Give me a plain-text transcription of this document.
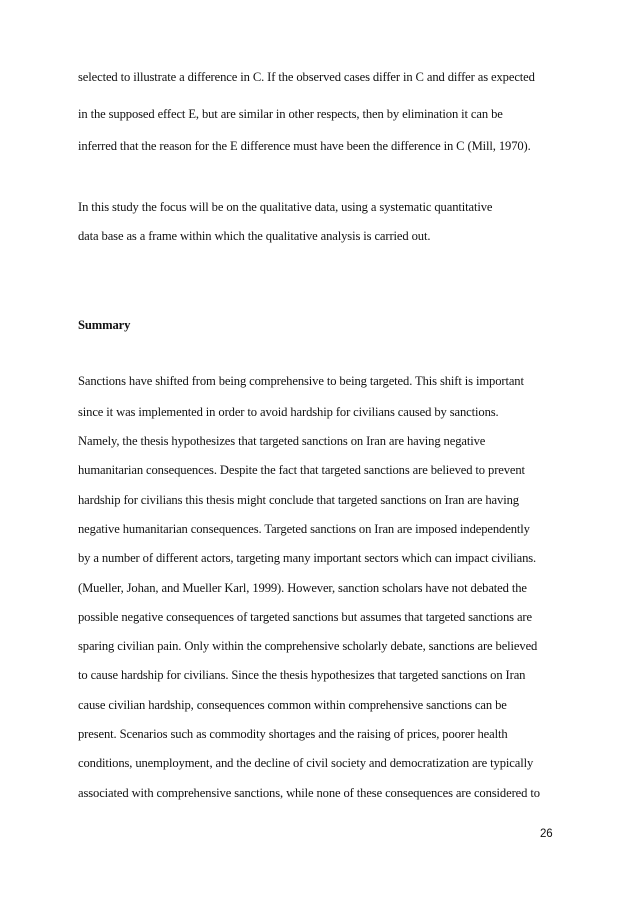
selected to illustrate a difference in C. If the observed cases differ in C and differ as expected
in the supposed effect E, but are similar in other respects, then by elimination it can be
inferred that the reason for the E difference must have been the difference in C (Mill, 1970).
In this study the focus will be on the qualitative data, using a systematic quantitative
data base as a frame within which the qualitative analysis is carried out.
Summary
Sanctions have shifted from being comprehensive to being targeted. This shift is important
since it was implemented in order to avoid hardship for civilians caused by sanctions.
Namely, the thesis hypothesizes that targeted sanctions on Iran are having negative
humanitarian consequences. Despite the fact that targeted sanctions are believed to prevent
hardship for civilians this thesis might conclude that targeted sanctions on Iran are having
negative humanitarian consequences. Targeted sanctions on Iran are imposed independently
by a number of different actors, targeting many important sectors which can impact civilians.
(Mueller, Johan, and Mueller Karl, 1999). However, sanction scholars have not debated the
possible negative consequences of targeted sanctions but assumes that targeted sanctions are
sparing civilian pain. Only within the comprehensive scholarly debate, sanctions are believed
to cause hardship for civilians. Since the thesis hypothesizes that targeted sanctions on Iran
cause civilian hardship, consequences common within comprehensive sanctions can be
present. Scenarios such as commodity shortages and the raising of prices, poorer health
conditions, unemployment, and the decline of civil society and democratization are typically
associated with comprehensive sanctions, while none of these consequences are considered to
26
